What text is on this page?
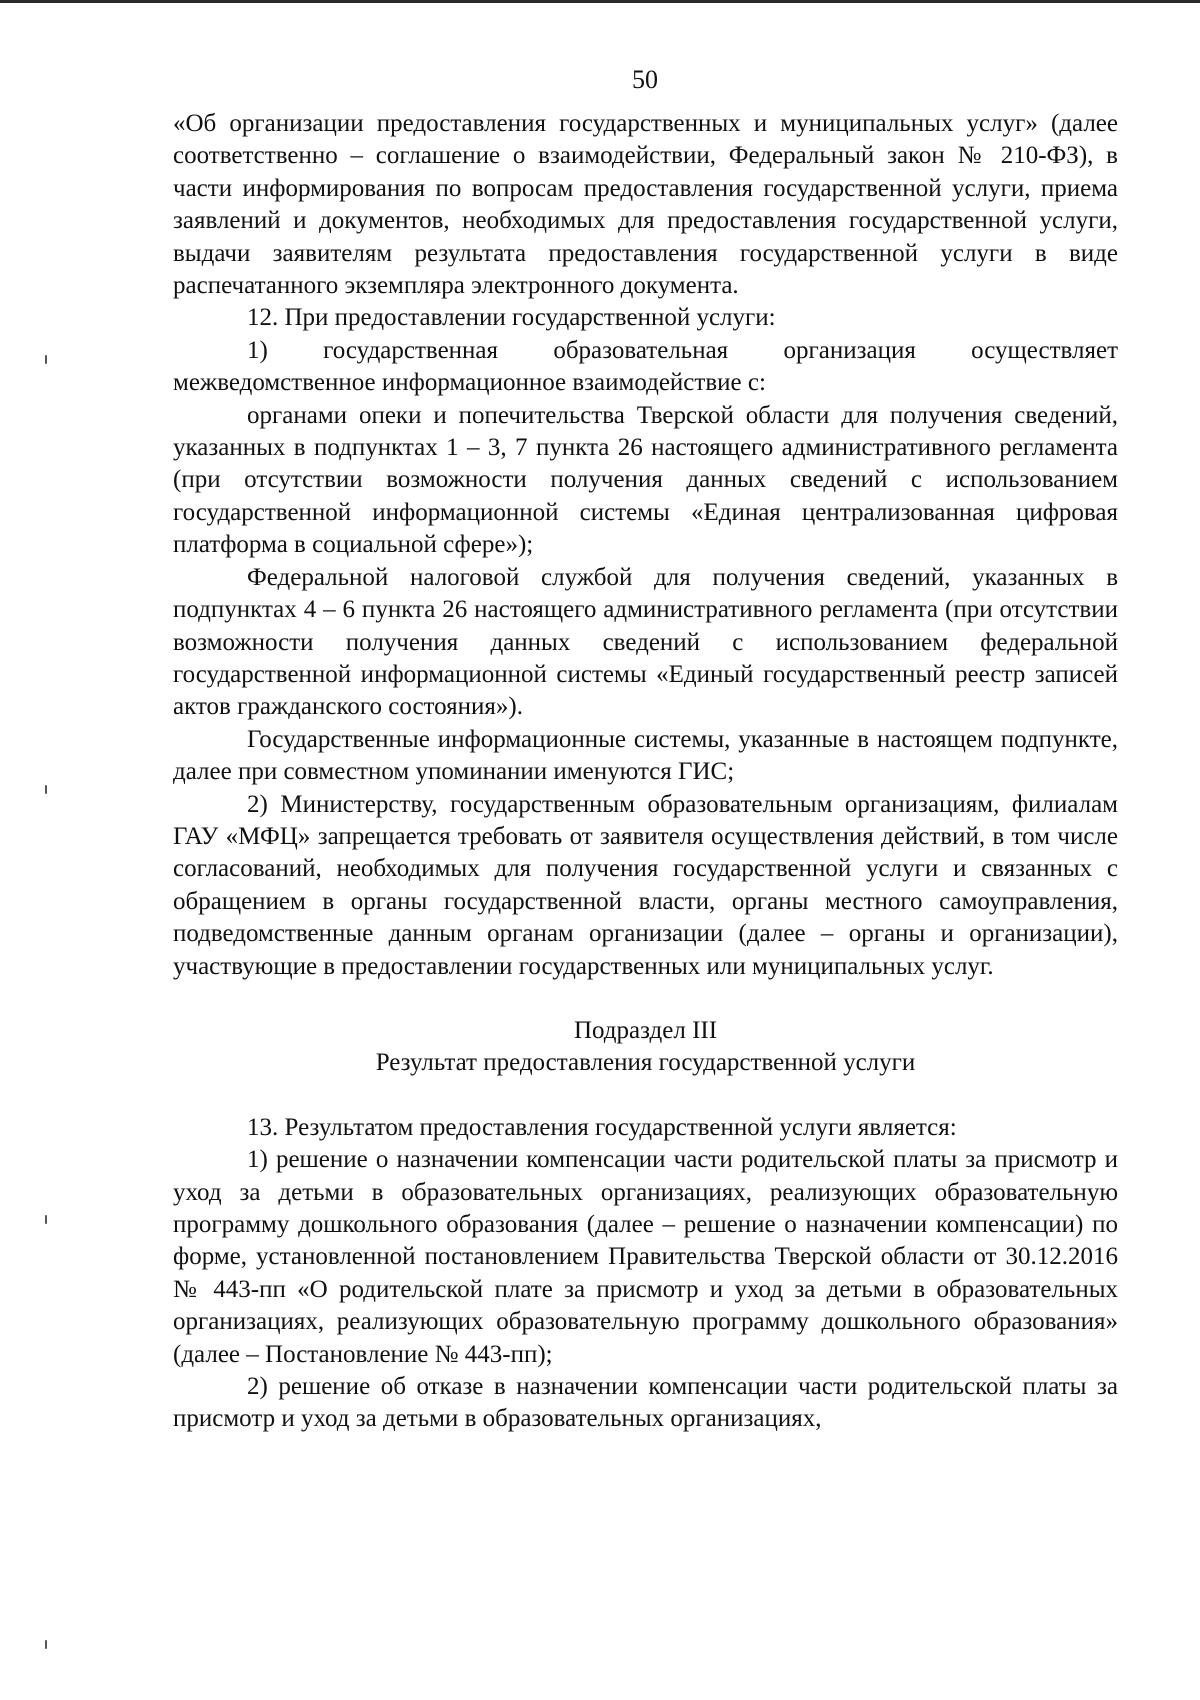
50

«Об организации предоставления государственных и муниципальных услуг» (далее соответственно – соглашение о взаимодействии, Федеральный закон № 210-ФЗ), в части информирования по вопросам предоставления государственной услуги, приема заявлений и документов, необходимых для предоставления государственной услуги, выдачи заявителям результата предоставления государственной услуги в виде распечатанного экземпляра электронного документа.

12. При предоставлении государственной услуги:

1) государственная образовательная организация осуществляет межведомственное информационное взаимодействие с:

органами опеки и попечительства Тверской области для получения сведений, указанных в подпунктах 1 – 3, 7 пункта 26 настоящего административного регламента (при отсутствии возможности получения данных сведений с использованием государственной информационной системы «Единая централизованная цифровая платформа в социальной сфере»);

Федеральной налоговой службой для получения сведений, указанных в подпунктах 4 – 6 пункта 26 настоящего административного регламента (при отсутствии возможности получения данных сведений с использованием федеральной государственной информационной системы «Единый государственный реестр записей актов гражданского состояния»).

Государственные информационные системы, указанные в настоящем подпункте, далее при совместном упоминании именуются ГИС;

2) Министерству, государственным образовательным организациям, филиалам ГАУ «МФЦ» запрещается требовать от заявителя осуществления действий, в том числе согласований, необходимых для получения государственной услуги и связанных с обращением в органы государственной власти, органы местного самоуправления, подведомственные данным органам организации (далее – органы и организации), участвующие в предоставлении государственных или муниципальных услуг.

Подраздел III

Результат предоставления государственной услуги

13. Результатом предоставления государственной услуги является:

1) решение о назначении компенсации части родительской платы за присмотр и уход за детьми в образовательных организациях, реализующих образовательную программу дошкольного образования (далее – решение о назначении компенсации) по форме, установленной постановлением Правительства Тверской области от 30.12.2016 № 443-пп «О родительской плате за присмотр и уход за детьми в образовательных организациях, реализующих образовательную программу дошкольного образования» (далее – Постановление № 443-пп);

2) решение об отказе в назначении компенсации части родительской платы за присмотр и уход за детьми в образовательных организациях,
